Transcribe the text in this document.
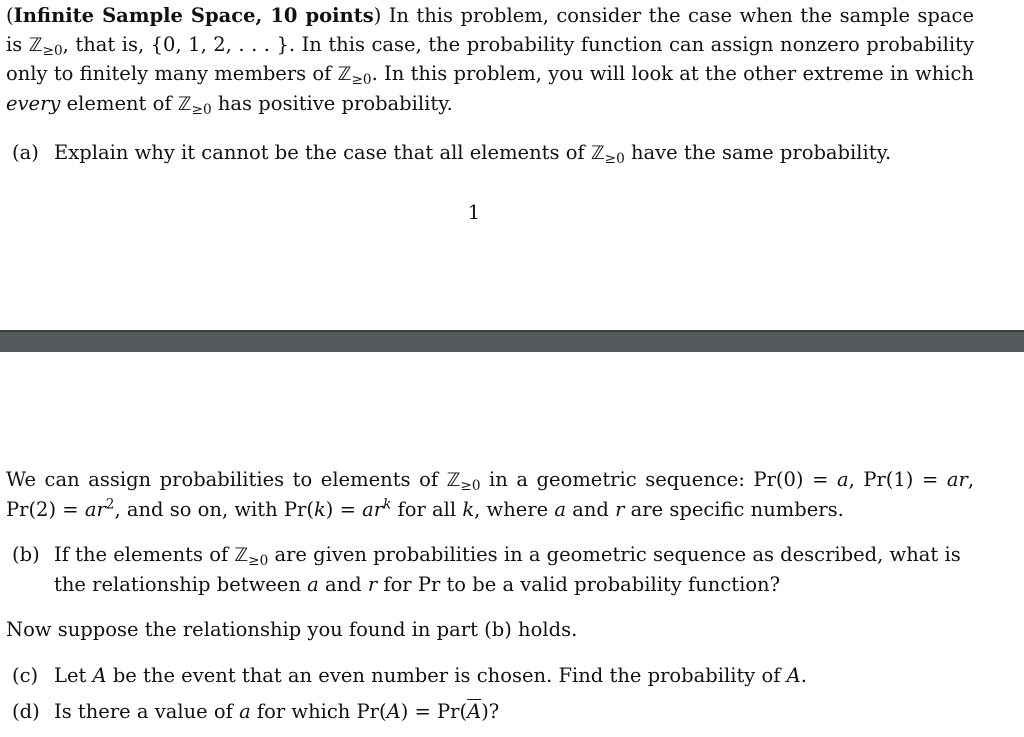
(Infinite Sample Space, 10 points) In this problem, consider the case when the sample space is ℤ$_{\ge 0}$, that is, {0, 1, 2, . . . }. In this case, the probability function can assign nonzero probability only to finitely many members of ℤ$_{\ge 0}$. In this problem, you will look at the other extreme in which every element of ℤ$_{\ge 0}$ has positive probability.

(a) Explain why it cannot be the case that all elements of ℤ$_{\ge 0}$ have the same probability.
1

We can assign probabilities to elements of ℤ$_{\ge 0}$ in a geometric sequence: Pr(0) = a, Pr(1) = ar, $Pr(2) = ar^2$, and so on, with $Pr(k) = ar^k$ for all k, where a and r are specific numbers.

(b) If the elements of ℤ$_{\ge 0}$ are given probabilities in a geometric sequence as described, what is the relationship between a and r for Pr to be a valid probability function?

Now suppose the relationship you found in part (b) holds.

(c) Let A be the event that an even number is chosen. Find the probability of A.
(d) Is there a value of a for which $Pr(A) = Pr(\overline{A})$?
